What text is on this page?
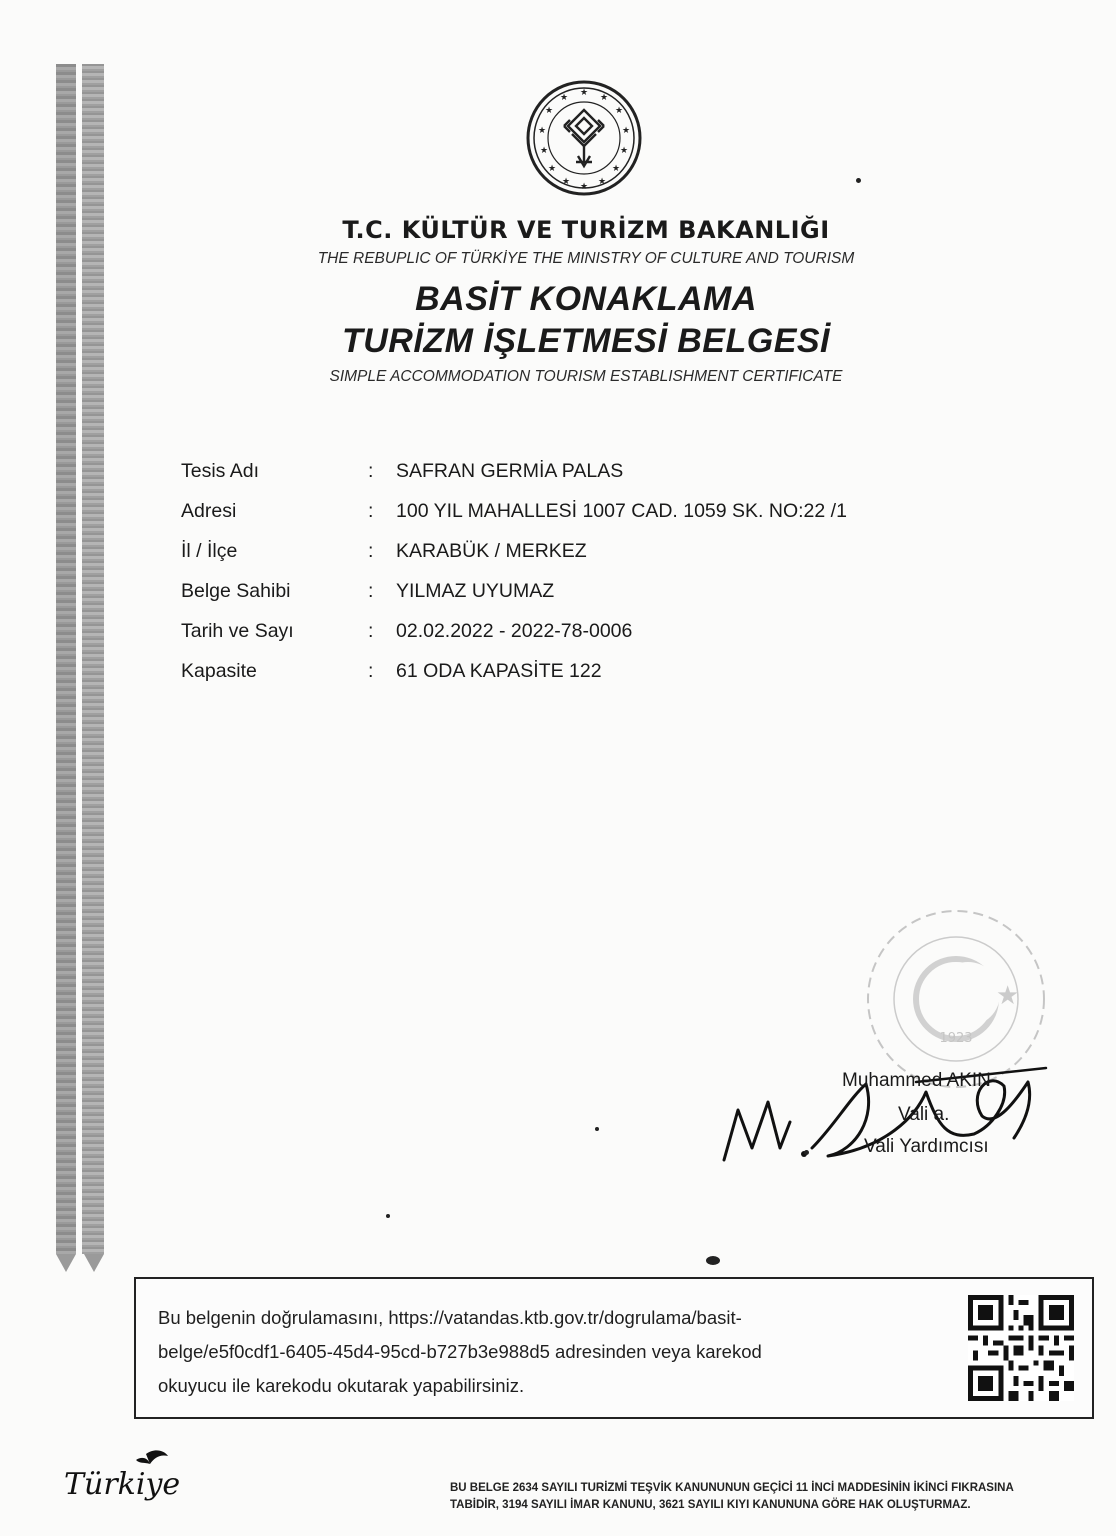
★ ★
★
★
★
★
★
★
★
★
★
★
★
★
T.C. KÜLTÜR VE TURİZM BAKANLIĞI
THE REBUPLIC OF TÜRKİYE THE MINISTRY OF CULTURE AND TOURISM
BASİT KONAKLAMA
TURİZM İŞLETMESİ BELGESİ
SIMPLE ACCOMMODATION TOURISM ESTABLISHMENT CERTIFICATE
Tesis Adı	: SAFRAN GERMİA PALAS
Adresi	: 100 YIL MAHALLESİ 1007 CAD. 1059 SK. NO:22 /1
İl / İlçe	: KARABÜK / MERKEZ
Belge Sahibi	: YILMAZ UYUMAZ
Tarih ve Sayı	: 02.02.2022 - 2022-78-0006
Kapasite	: 61 ODA KAPASİTE 122
★
1923
Muhammed AKIN
Vali a.
Vali Yardımcısı
Bu belgenin doğrulamasını, https://vatandas.ktb.gov.tr/dogrulama/basit-
belge/e5f0cdf1-6405-45d4-95cd-b727b3e988d5 adresinden veya karekod
okuyucu ile karekodu okutarak yapabilirsiniz.
Türkiye	BU BELGE 2634 SAYILI TURİZMİ TEŞVİK KANUNUNUN GEÇİCİ 11 İNCİ MADDESİNİN İKİNCİ FIKRASINA
TABİDİR, 3194 SAYILI İMAR KANUNU, 3621 SAYILI KIYI KANUNUNA GÖRE HAK OLUŞTURMAZ.
